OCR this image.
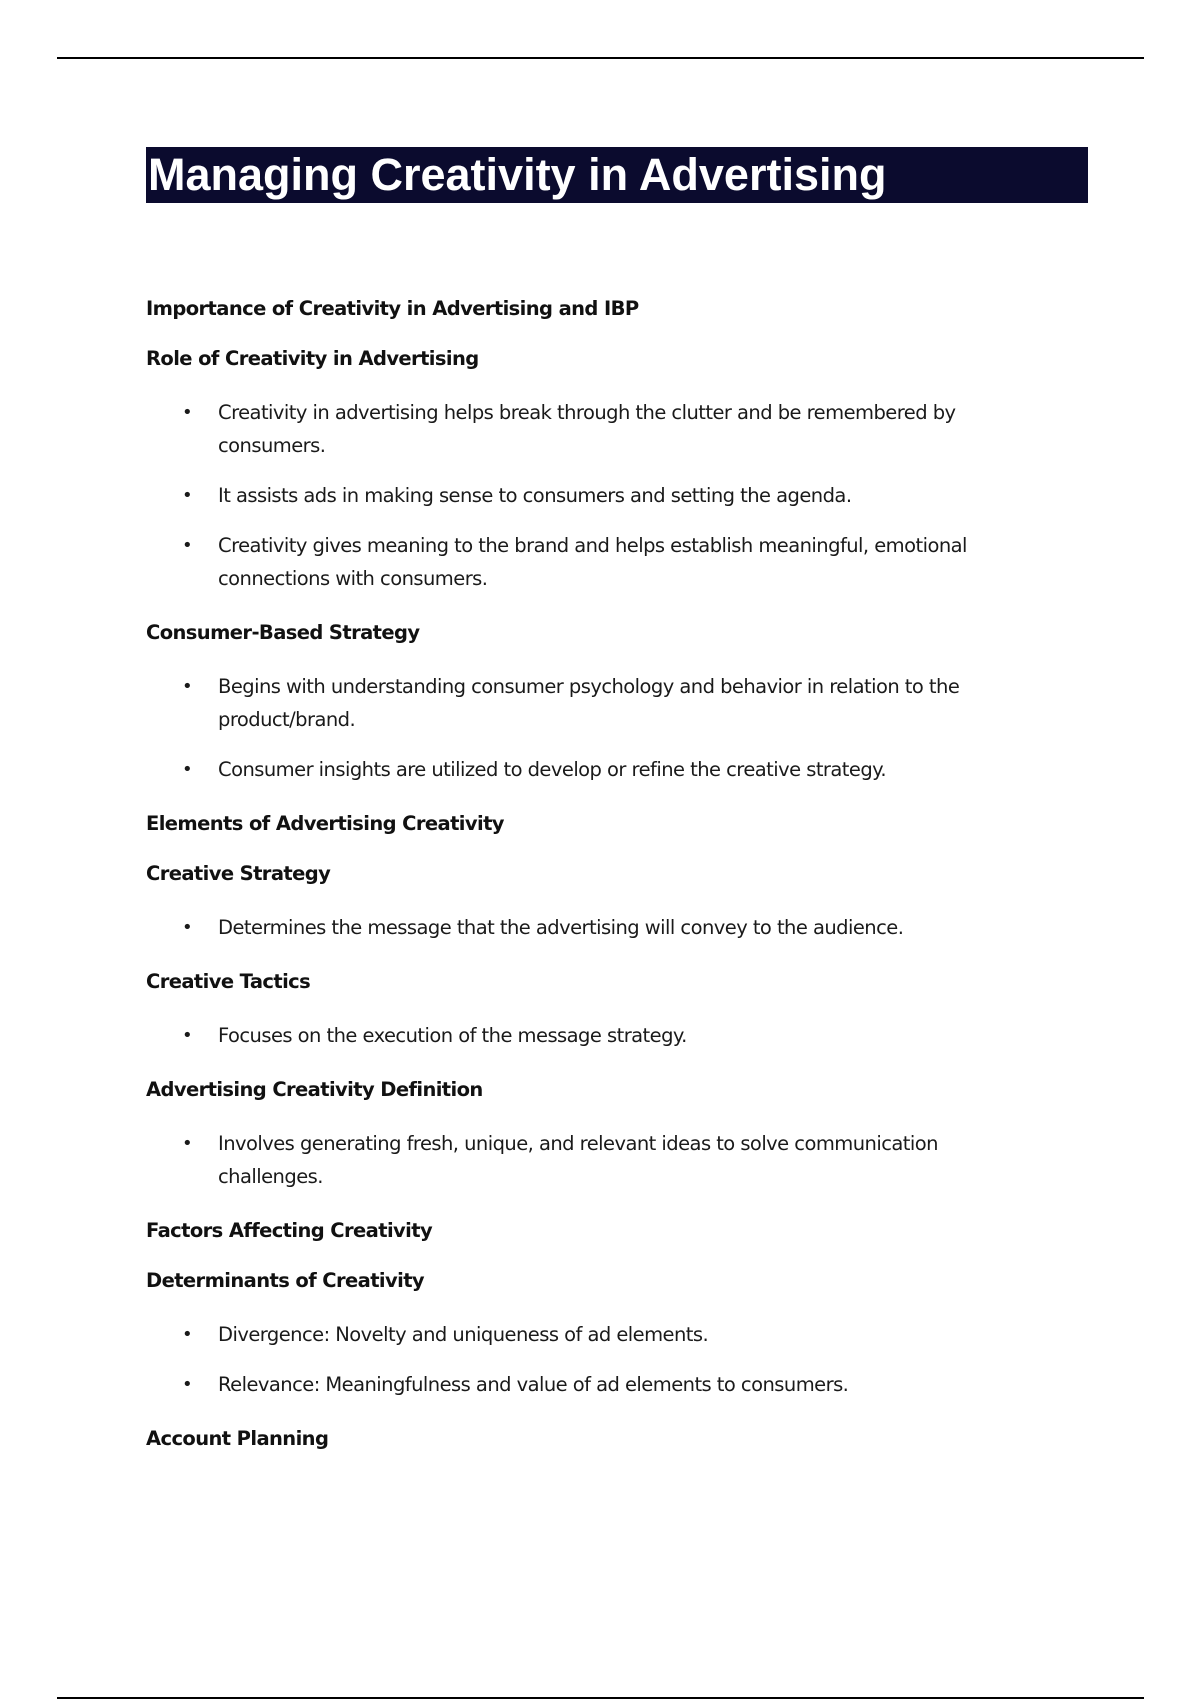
Managing Creativity in Advertising
Importance of Creativity in Advertising and IBP
Role of Creativity in Advertising
• Creativity in advertising helps break through the clutter and be remembered by consumers.
• It assists ads in making sense to consumers and setting the agenda.
• Creativity gives meaning to the brand and helps establish meaningful, emotional connections with consumers.
Consumer-Based Strategy
• Begins with understanding consumer psychology and behavior in relation to the product/brand.
• Consumer insights are utilized to develop or refine the creative strategy.
Elements of Advertising Creativity
Creative Strategy
• Determines the message that the advertising will convey to the audience.
Creative Tactics
• Focuses on the execution of the message strategy.
Advertising Creativity Definition
• Involves generating fresh, unique, and relevant ideas to solve communication challenges.
Factors Affecting Creativity
Determinants of Creativity
• Divergence: Novelty and uniqueness of ad elements.
• Relevance: Meaningfulness and value of ad elements to consumers.
Account Planning
